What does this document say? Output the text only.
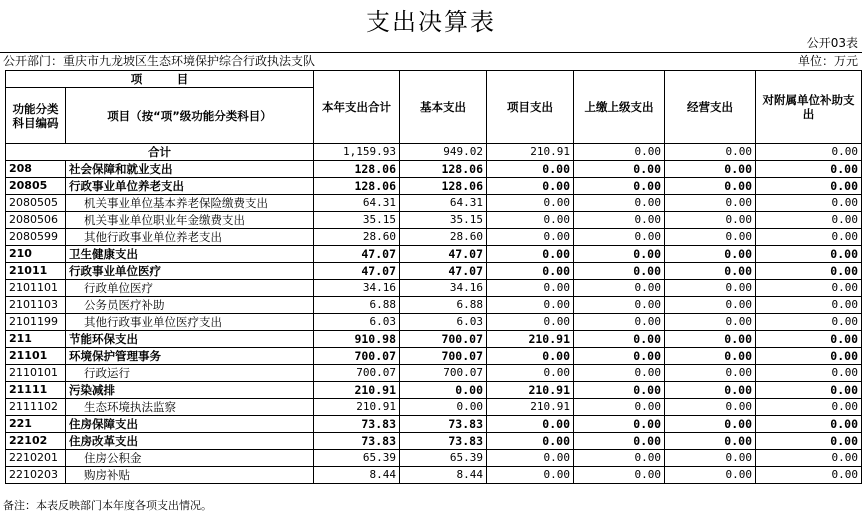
支出决算表
公开03表
公开部门：重庆市九龙坡区生态环境保护综合行政执法支队	单位：万元
项　　　目		本年支出合计	基本支出	项目支出	上缴上级支出	经营支出	对附属单位补助支出
功能分类科目编码	项目（按“项”级功能分类科目）						
合计		1,159.93	949.02	210.91	0.00	0.00	0.00
208	社会保障和就业支出	128.06	128.06	0.00	0.00	0.00	0.00
20805	行政事业单位养老支出	128.06	128.06	0.00	0.00	0.00	0.00
2080505	机关事业单位基本养老保险缴费支出	64.31	64.31	0.00	0.00	0.00	0.00
2080506	机关事业单位职业年金缴费支出	35.15	35.15	0.00	0.00	0.00	0.00
2080599	其他行政事业单位养老支出	28.60	28.60	0.00	0.00	0.00	0.00
210	卫生健康支出	47.07	47.07	0.00	0.00	0.00	0.00
21011	行政事业单位医疗	47.07	47.07	0.00	0.00	0.00	0.00
2101101	行政单位医疗	34.16	34.16	0.00	0.00	0.00	0.00
2101103	公务员医疗补助	6.88	6.88	0.00	0.00	0.00	0.00
2101199	其他行政事业单位医疗支出	6.03	6.03	0.00	0.00	0.00	0.00
211	节能环保支出	910.98	700.07	210.91	0.00	0.00	0.00
21101	环境保护管理事务	700.07	700.07	0.00	0.00	0.00	0.00
2110101	行政运行	700.07	700.07	0.00	0.00	0.00	0.00
21111	污染减排	210.91	0.00	210.91	0.00	0.00	0.00
2111102	生态环境执法监察	210.91	0.00	210.91	0.00	0.00	0.00
221	住房保障支出	73.83	73.83	0.00	0.00	0.00	0.00
22102	住房改革支出	73.83	73.83	0.00	0.00	0.00	0.00
2210201	住房公积金	65.39	65.39	0.00	0.00	0.00	0.00
2210203	购房补贴	8.44	8.44	0.00	0.00	0.00	0.00
备注：本表反映部门本年度各项支出情况。
